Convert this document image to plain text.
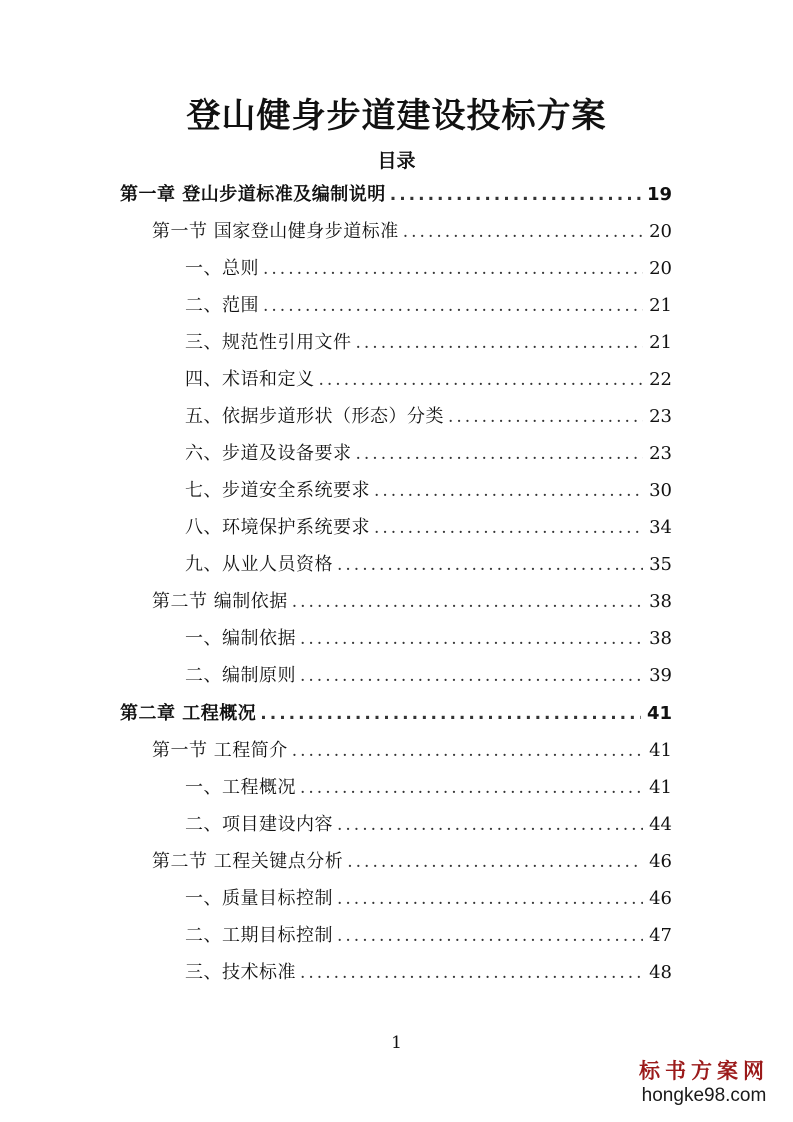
登山健身步道建设投标方案
目录
第一章 登山步道标准及编制说明 .....	19
第一节 国家登山健身步道标准 .....	20
一、总则 .....	20
二、范围 .....	21
三、规范性引用文件 .....	21
四、术语和定义 .....	22
五、依据步道形状（形态）分类 .....	23
六、步道及设备要求 .....	23
七、步道安全系统要求 .....	30
八、环境保护系统要求 .....	34
九、从业人员资格 .....	35
第二节 编制依据 .....	38
一、编制依据 .....	38
二、编制原则 .....	39
第二章 工程概况 .....	41
第一节 工程简介 .....	41
一、工程概况 .....	41
二、项目建设内容 .....	44
第二节 工程关键点分析 .....	46
一、质量目标控制 .....	46
二、工期目标控制 .....	47
三、技术标准 .....	48
1
标书方案网
hongke98.com
